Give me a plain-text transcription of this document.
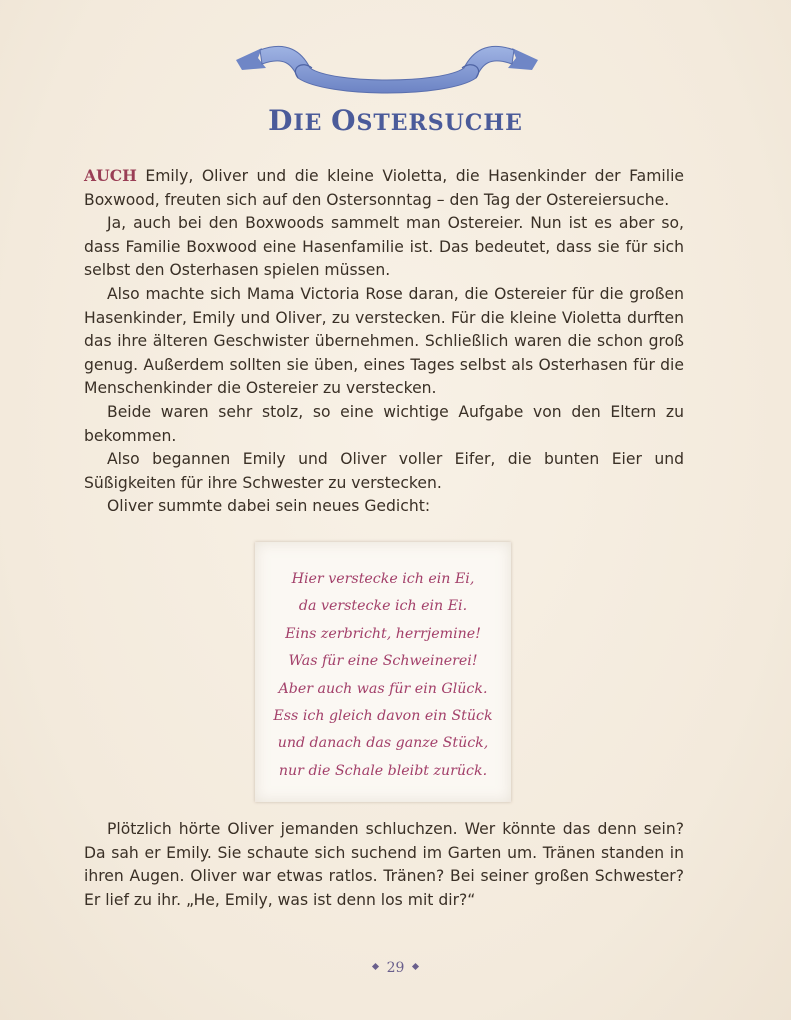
DIE OSTERSUCHE

AUCH Emily, Oliver und die kleine Violetta, die Hasenkinder der Familie Boxwood, freuten sich auf den Ostersonntag – den Tag der Ostereiersuche.

Ja, auch bei den Boxwoods sammelt man Ostereier. Nun ist es aber so, dass Familie Boxwood eine Hasenfamilie ist. Das bedeutet, dass sie für sich selbst den Osterhasen spielen müssen.

Also machte sich Mama Victoria Rose daran, die Ostereier für die großen Hasenkinder, Emily und Oliver, zu verstecken. Für die kleine Violetta durften das ihre älteren Geschwister übernehmen. Schließlich waren die schon groß genug. Außerdem sollten sie üben, eines Tages selbst als Osterhasen für die Menschenkinder die Ostereier zu verstecken.

Beide waren sehr stolz, so eine wichtige Aufgabe von den Eltern zu bekommen.

Also begannen Emily und Oliver voller Eifer, die bunten Eier und Süßigkeiten für ihre Schwester zu verstecken.

Oliver summte dabei sein neues Gedicht:

Hier verstecke ich ein Ei,
da verstecke ich ein Ei.
Eins zerbricht, herrjemine!
Was für eine Schweinerei!
Aber auch was für ein Glück.
Ess ich gleich davon ein Stück
und danach das ganze Stück,
nur die Schale bleibt zurück.

Plötzlich hörte Oliver jemanden schluchzen. Wer könnte das denn sein? Da sah er Emily. Sie schaute sich suchend im Garten um. Tränen standen in ihren Augen. Oliver war etwas ratlos. Tränen? Bei seiner großen Schwester? Er lief zu ihr. „He, Emily, was ist denn los mit dir?“

29
